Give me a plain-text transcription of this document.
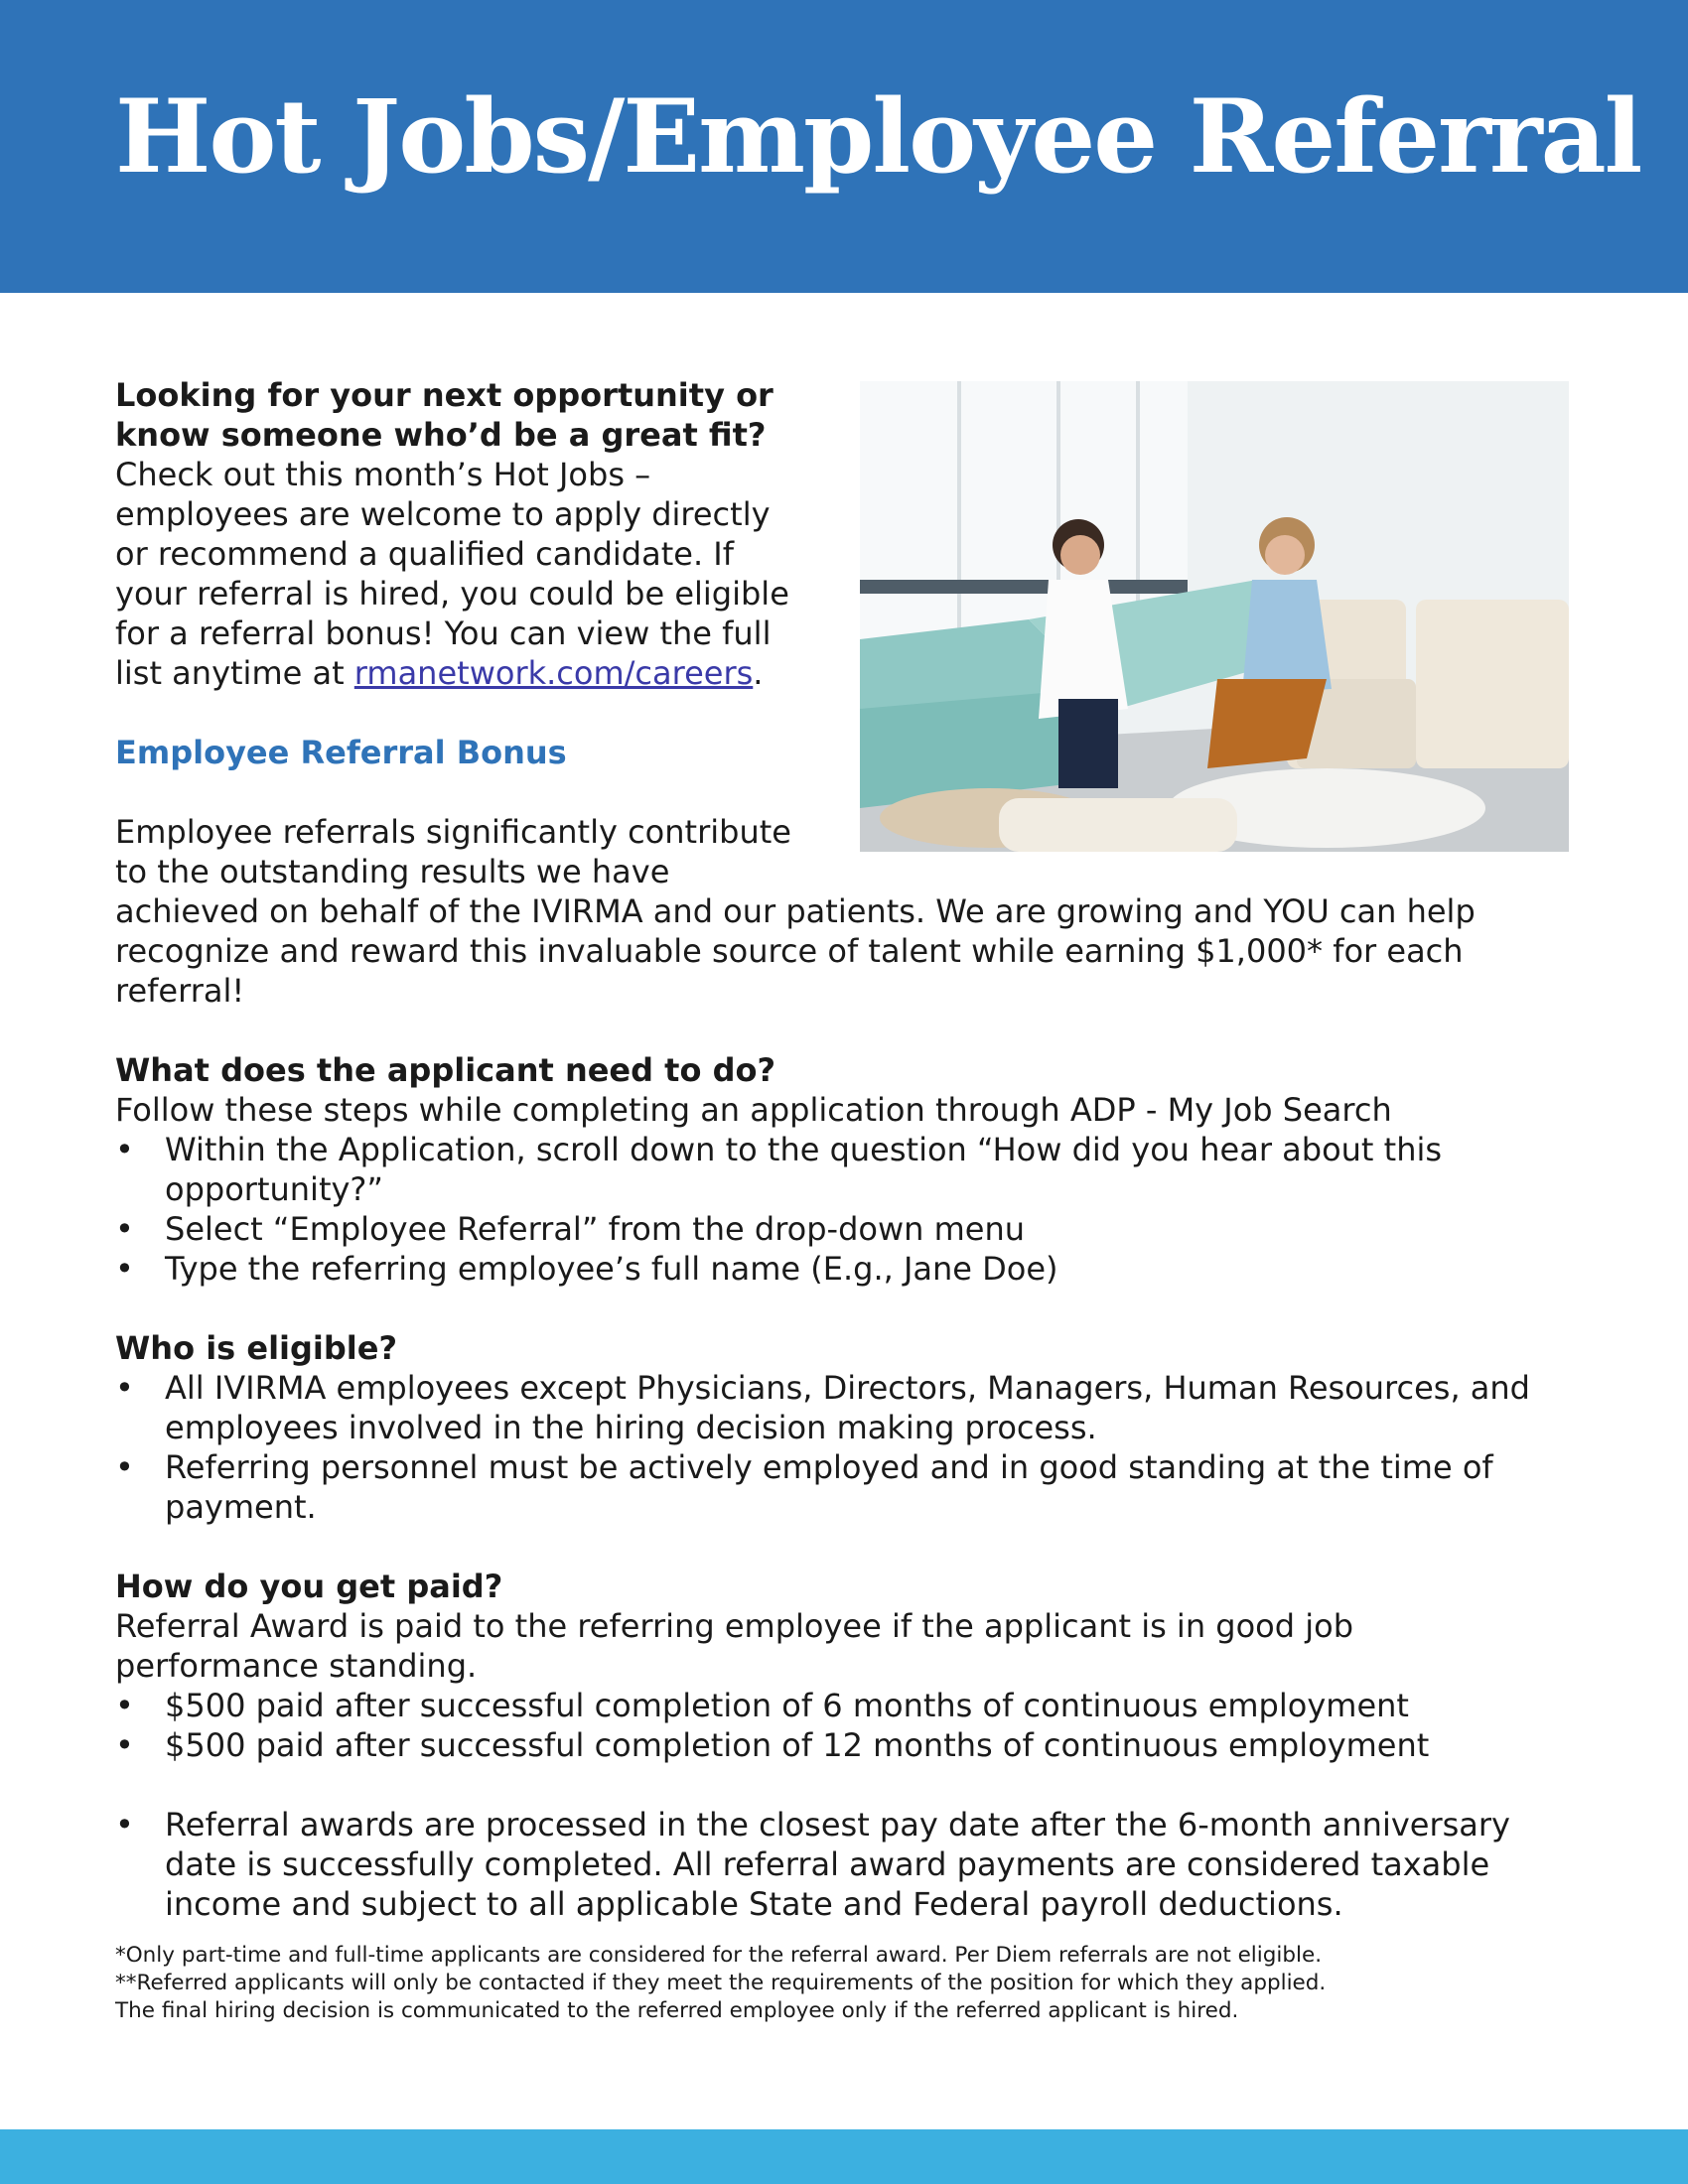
Hot Jobs/Employee Referral

Looking for your next opportunity or

know someone who’d be a great fit?

Check out this month’s Hot Jobs –

employees are welcome to apply directly

or recommend a qualified candidate. If

your referral is hired, you could be eligible

for a referral bonus! You can view the full

list anytime at rmanetwork.com/careers.

Employee Referral Bonus

Employee referrals significantly contribute

to the outstanding results we have

achieved on behalf of the IVIRMA and our patients. We are growing and YOU can help

recognize and reward this invaluable source of talent while earning $1,000* for each

referral!

What does the applicant need to do?

Follow these steps while completing an application through ADP - My Job Search

• Within the Application, scroll down to the question “How did you hear about this
opportunity?”
• Select “Employee Referral” from the drop-down menu
• Type the referring employee’s full name (E.g., Jane Doe)

Who is eligible?

• All IVIRMA employees except Physicians, Directors, Managers, Human Resources, and
employees involved in the hiring decision making process.
• Referring personnel must be actively employed and in good standing at the time of
payment.

How do you get paid?

Referral Award is paid to the referring employee if the applicant is in good job

performance standing.

• $500 paid after successful completion of 6 months of continuous employment
• $500 paid after successful completion of 12 months of continuous employment
• Referral awards are processed in the closest pay date after the 6-month anniversary
date is successfully completed. All referral award payments are considered taxable
income and subject to all applicable State and Federal payroll deductions.
*Only part-time and full-time applicants are considered for the referral award. Per Diem referrals are not eligible.
**Referred applicants will only be contacted if they meet the requirements of the position for which they applied.
The final hiring decision is communicated to the referred employee only if the referred applicant is hired.
